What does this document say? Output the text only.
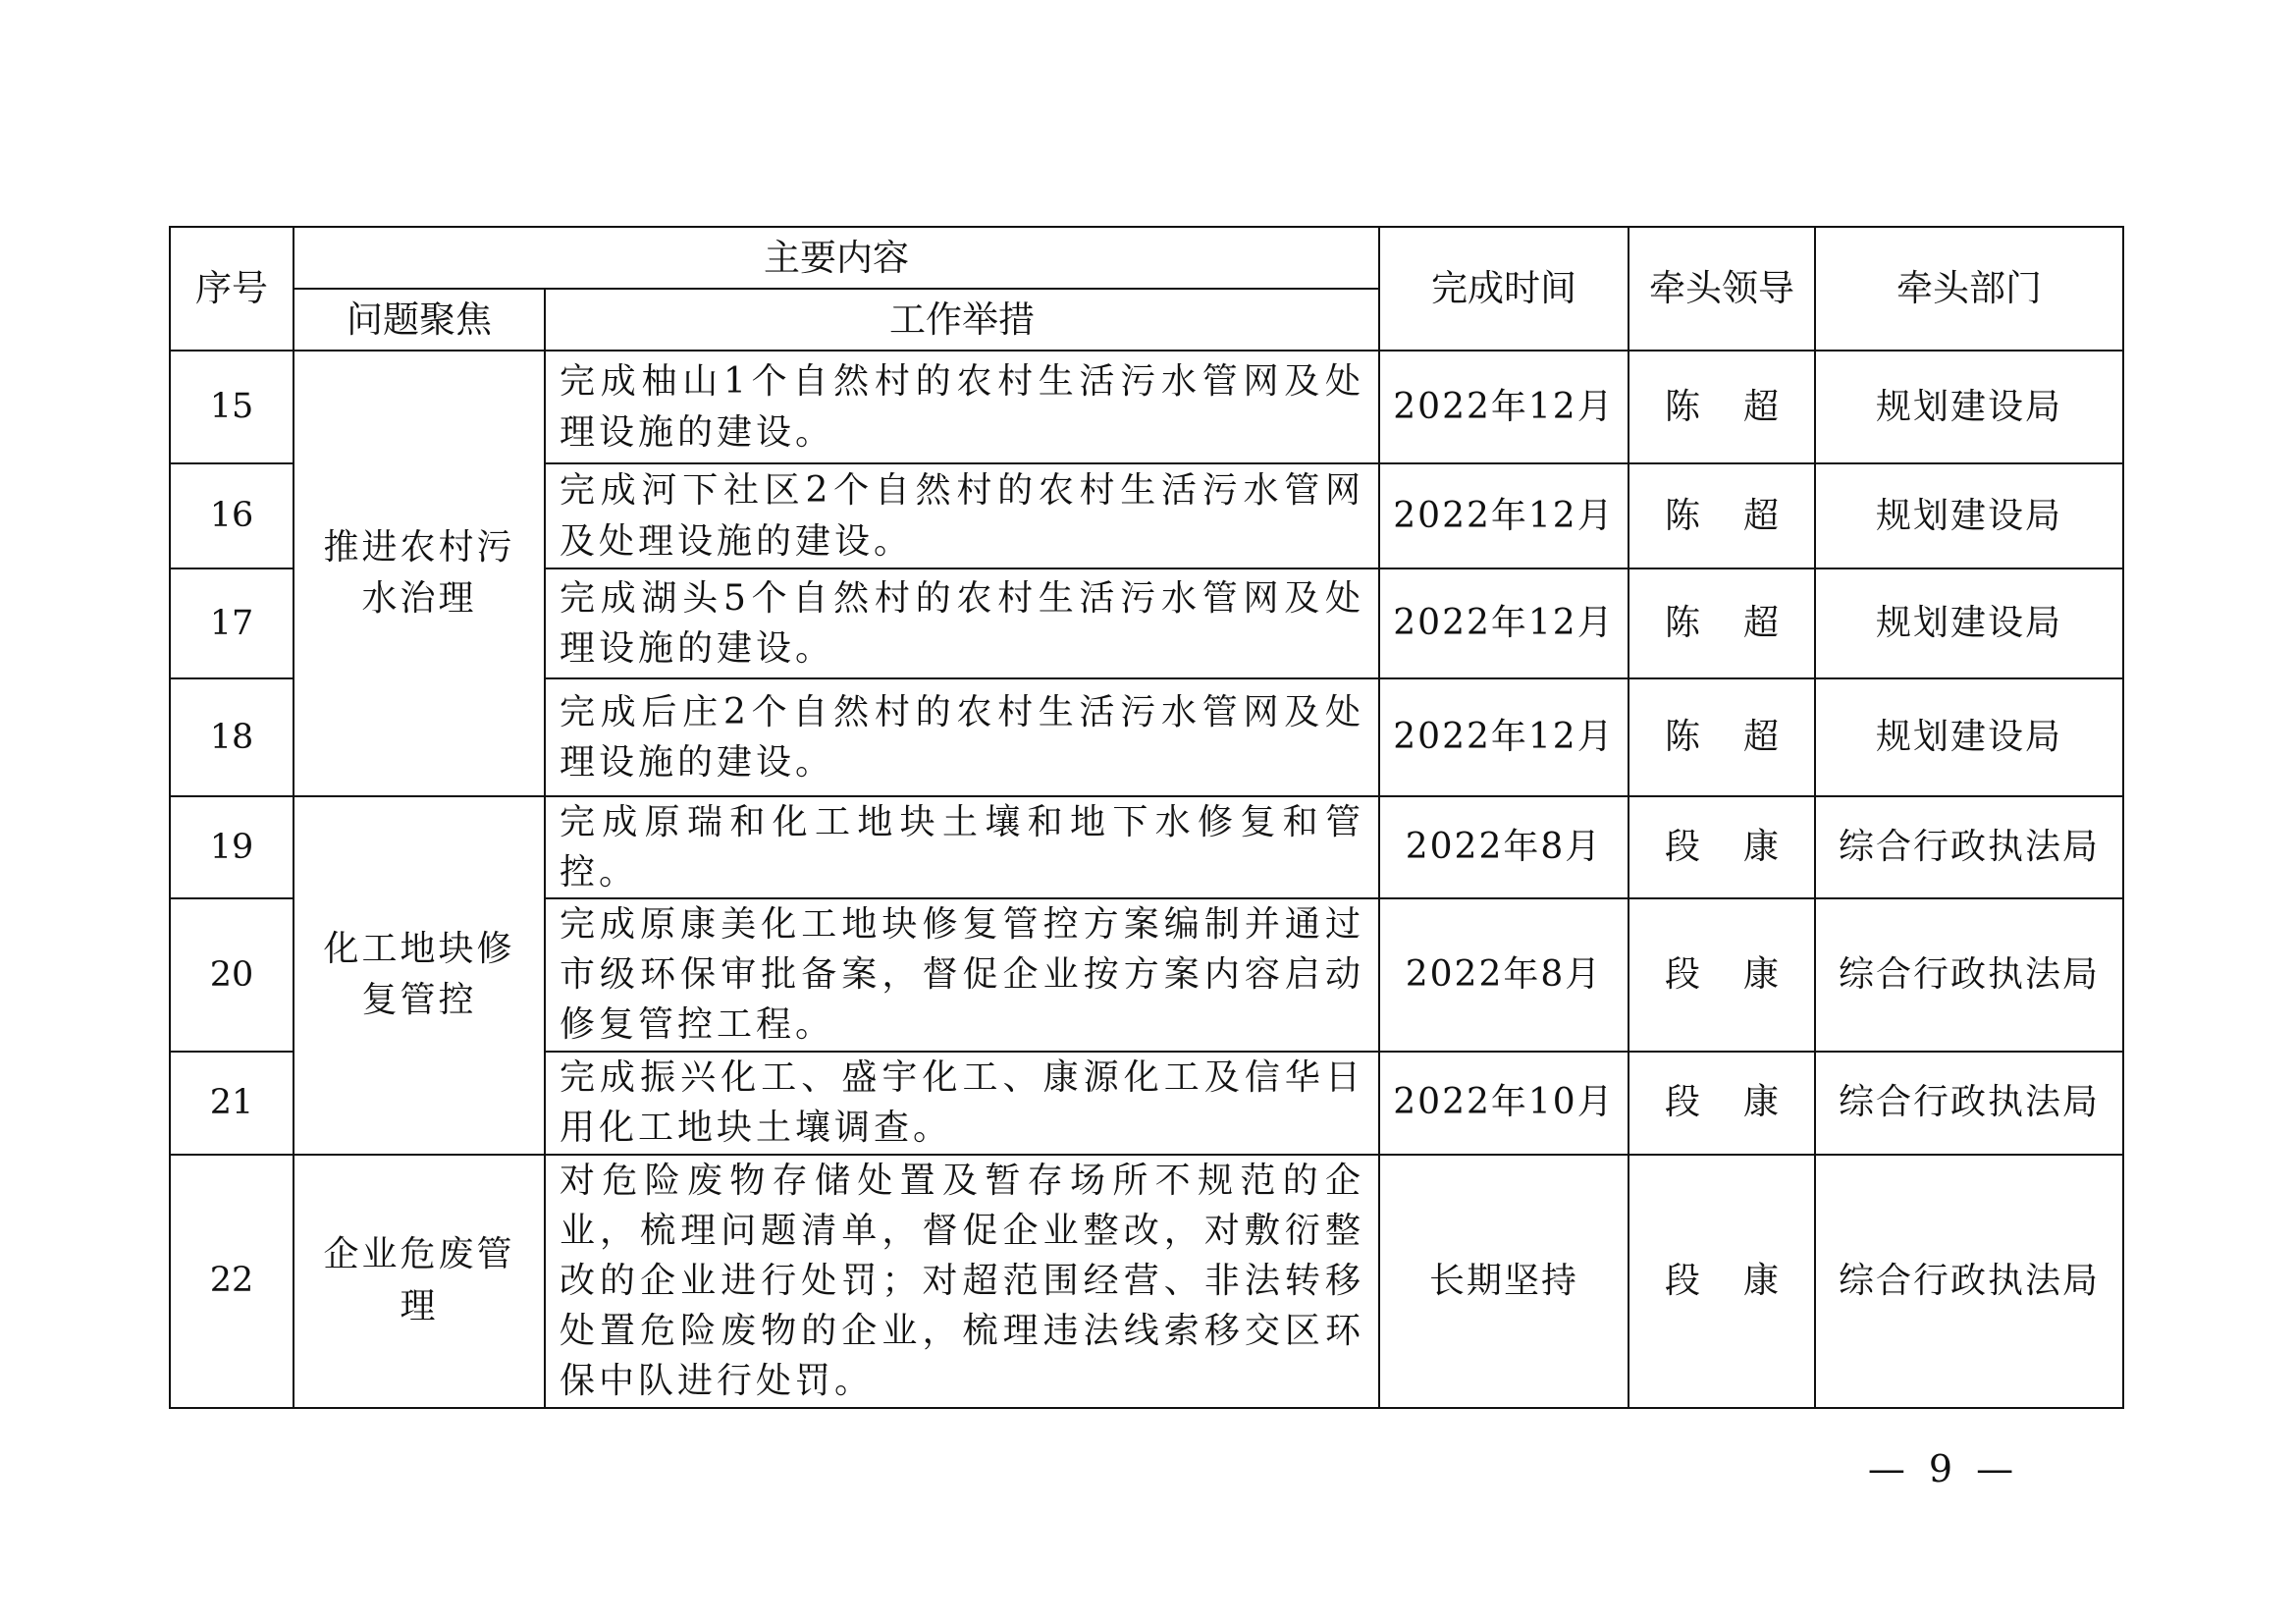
序号	主要内容		完成时间	牵头领导	牵头部门
	问题聚焦	工作举措			
15	推进农村污水治理	完成柚山1个自然村的农村生活污水管网及处理设施的建设。	2022年12月	陈超	规划建设局
16		完成河下社区2个自然村的农村生活污水管网及处理设施的建设。	2022年12月	陈超	规划建设局
17		完成湖头5个自然村的农村生活污水管网及处理设施的建设。	2022年12月	陈超	规划建设局
18		完成后庄2个自然村的农村生活污水管网及处理设施的建设。	2022年12月	陈超	规划建设局
19	化工地块修复管控	完成原瑞和化工地块土壤和地下水修复和管控。	2022年8月	段康	综合行政执法局
20		完成原康美化工地块修复管控方案编制并通过市级环保审批备案，督促企业按方案内容启动修复管控工程。	2022年8月	段康	综合行政执法局
21		完成振兴化工、盛宇化工、康源化工及信华日用化工地块土壤调查。	2022年10月	段康	综合行政执法局
22	企业危废管理	对危险废物存储处置及暂存场所不规范的企业，梳理问题清单，督促企业整改，对敷衍整改的企业进行处罚；对超范围经营、非法转移处置危险废物的企业，梳理违法线索移交区环保中队进行处罚。	长期坚持	段康	综合行政执法局
— 9 —
